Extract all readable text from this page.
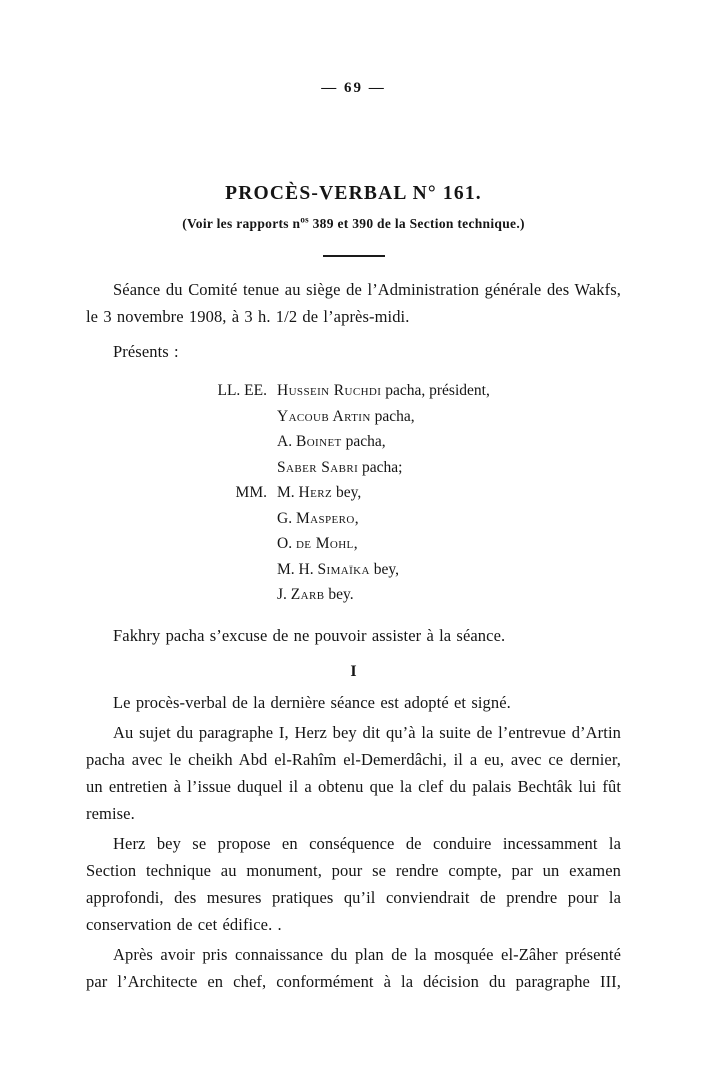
— 69 —
PROCÈS-VERBAL N° 161.
(Voir les rapports $n^{os}$ 389 et 390 de la Section technique.)

Séance du Comité tenue au siège de l’Administration générale des Wakfs, le 3 novembre 1908, à 3 h. 1/2 de l’après-midi.

Présents :

LL. EE. Hussein Ruchdi pacha, président,
Yacoub Artin pacha,
A. Boinet pacha,
Saber Sabri pacha;
MM. M. Herz bey,
G. Maspero,
O. de Mohl,
M. H. Simaïka bey,
J. Zarb bey.

Fakhry pacha s’excuse de ne pouvoir assister à la séance.

I

Le procès-verbal de la dernière séance est adopté et signé.

Au sujet du paragraphe I, Herz bey dit qu’à la suite de l’entrevue d’Artin pacha avec le cheikh Abd el-Rahîm el-Demerdâchi, il a eu, avec ce dernier, un entretien à l’issue duquel il a obtenu que la clef du palais Bechtâk lui fût remise.

Herz bey se propose en conséquence de conduire incessamment la Section technique au monument, pour se rendre compte, par un examen approfondi, des mesures pratiques qu’il conviendrait de prendre pour la conservation de cet édifice. .

Après avoir pris connaissance du plan de la mosquée el-Zâher présenté par l’Architecte en chef, conformément à la décision du paragraphe III,
